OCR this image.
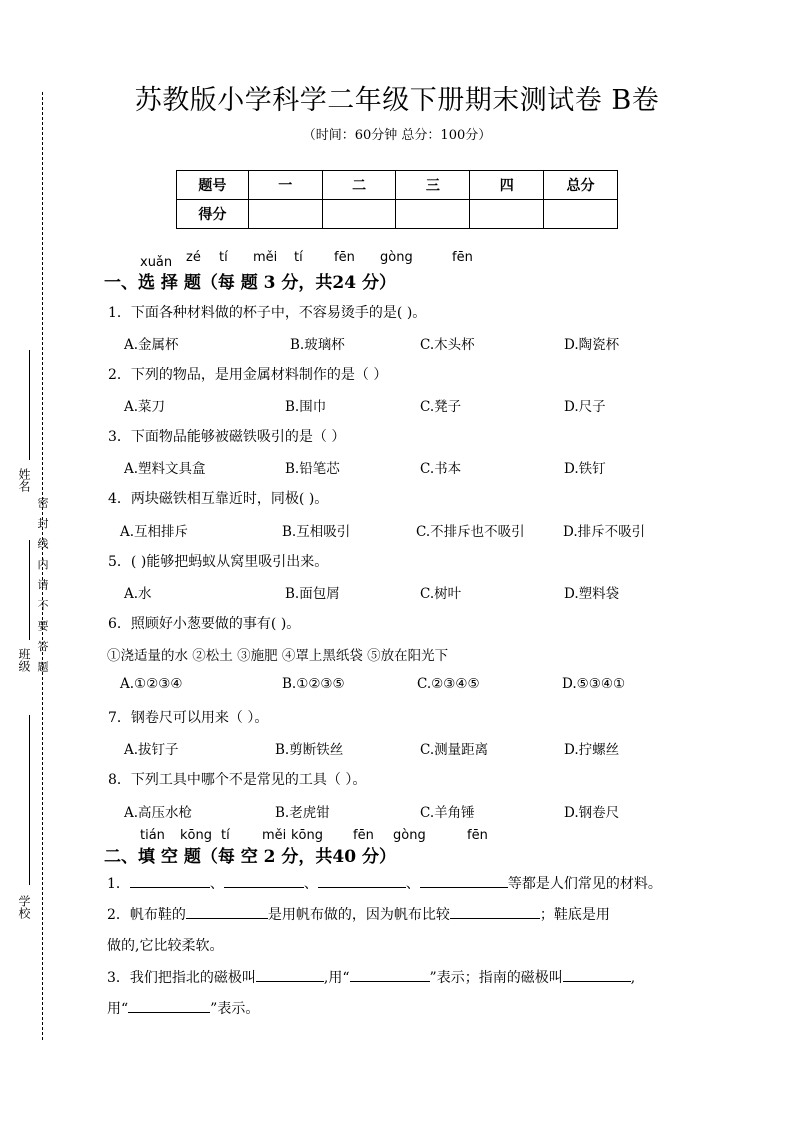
苏教版小学科学二年级下册期末测试卷 B卷
（时间：60分钟 总分：100分）
题号	一	二	三	四	总分
得分					
xuǎn zé tí měi tí fēn gòng	fēn
一、选 择 题（每 题 3 分，共24 分）
1．下面各种材料做的杯子中，不容易烫手的是( )。
A.金属杯	B.玻璃杯	C.木头杯	D.陶瓷杯
2．下列的物品，是用金属材料制作的是（ ）
A.菜刀	B.围巾	C.凳子	D.尺子
3．下面物品能够被磁铁吸引的是（ ）
A.塑料文具盒	B.铅笔芯	C.书本	D.铁钉
4．两块磁铁相互靠近时，同极( )。
A.互相排斥	B.互相吸引	C.不排斥也不吸引	D.排斥不吸引
5．( )能够把蚂蚁从窝里吸引出来。
A.水	B.面包屑	C.树叶	D.塑料袋
6．照顾好小葱要做的事有( )。
①浇适量的水 ②松土 ③施肥 ④罩上黑纸袋 ⑤放在阳光下
A.①②③④	B.①②③⑤	C.②③④⑤	D.⑤③④①
7．钢卷尺可以用来（ ）。
A.拔钉子	B.剪断铁丝	C.测量距离	D.拧螺丝
8．下列工具中哪个不是常见的工具（ ）。
A.高压水枪	B.老虎钳	C.羊角锤	D.钢卷尺
tián kōng tí měi kōng fēn gòng	fēn
二、填 空 题（每 空 2 分，共40 分）
1．	、	、	、	等都是人们常见的材料。
2．帆布鞋的	是用帆布做的，因为帆布比较	；鞋底是用
做的,它比较柔软。
3．我们把指北的磁极叫	,用“	”表示；指南的磁极叫	,
用“	”表示。
姓名
班级
学校
密 封 线 内 请 不 要 答 题
